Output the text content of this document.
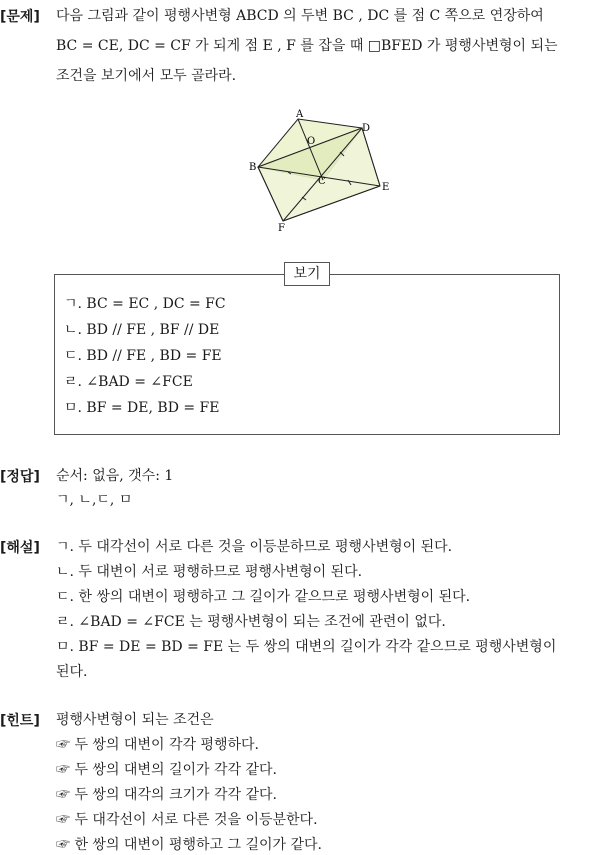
[문제] 다음 그림과 같이 평행사변형 ABCD 의 두변 BC , DC 를 점 C 쪽으로 연장하여
BC = CE, DC = CF 가 되게 점 E , F 를 잡을 때 □BFED 가 평행사변형이 되는
조건을 보기에서 모두 골라라.
A
D
O
B
C
E
F
보기
ㄱ. BC = EC , DC = FC
ㄴ. BD // FE , BF // DE
ㄷ. BD // FE , BD = FE
ㄹ. ∠BAD = ∠FCE
ㅁ. BF = DE, BD = FE
[정답] 순서: 없음, 갯수: 1
ㄱ, ㄴ,ㄷ, ㅁ
[해설] ㄱ. 두 대각선이 서로 다른 것을 이등분하므로 평행사변형이 된다.
ㄴ. 두 대변이 서로 평행하므로 평행사변형이 된다.
ㄷ. 한 쌍의 대변이 평행하고 그 길이가 같으므로 평행사변형이 된다.
ㄹ. ∠BAD = ∠FCE 는 평행사변형이 되는 조건에 관련이 없다.
ㅁ. BF = DE = BD = FE 는 두 쌍의 대변의 길이가 각각 같으므로 평행사변형이
된다.
[힌트] 평행사변형이 되는 조건은
☞ 두 쌍의 대변이 각각 평행하다.
☞ 두 쌍의 대변의 길이가 각각 같다.
☞ 두 쌍의 대각의 크기가 각각 같다.
☞ 두 대각선이 서로 다른 것을 이등분한다.
☞ 한 쌍의 대변이 평행하고 그 길이가 같다.
